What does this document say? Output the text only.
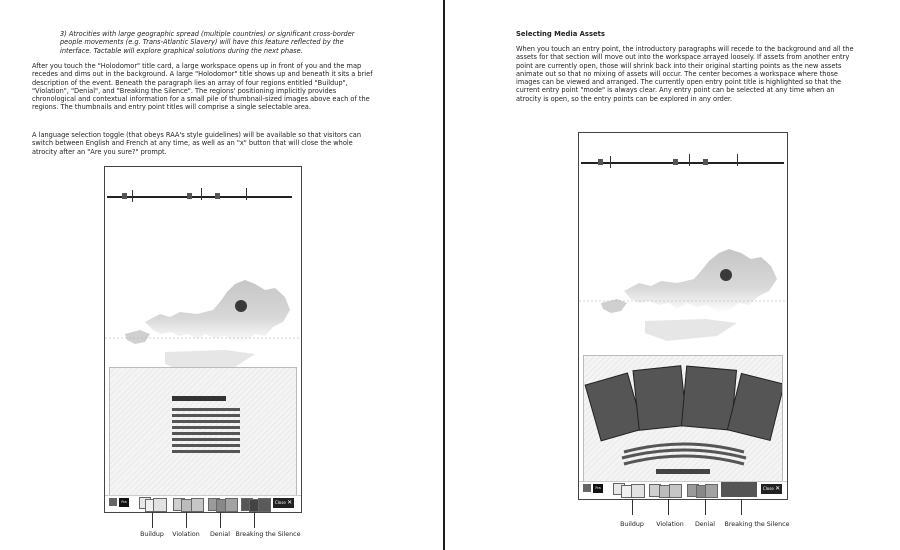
3) Atrocities with large geographic spread (multiple countries) or significant cross-border people movements (e.g. Trans-Atlantic Slavery) will have this feature reflected by the interface. Tactable will explore graphical solutions during the next phase.
After you touch the "Holodomor" title card, a large workspace opens up in front of you and the map recedes and dims out in the background. A large "Holodomor" title shows up and beneath it sits a brief description of the event. Beneath the paragraph lies an array of four regions entitled "Buildup", "Violation", "Denial", and "Breaking the Silence". The regions' positioning implicitly provides chronological and contextual information for a small pile of thumbnail-sized images above each of the regions. The thumbnails and entry point titles will comprise a single selectable area.
A language selection toggle (that obeys RAA's style guidelines) will be available so that visitors can switch between English and French at any time, as well as an "x" button that will close the whole atrocity after an "Are you sure?" prompt.
Fra	Close ✕
Buildup	Violation	Denial Breaking the Silence
Selecting Media Assets
When you touch an entry point, the introductory paragraphs will recede to the background and all the assets for that section will move out into the workspace arrayed loosely. If assets from another entry point are currently open, those will shrink back into their original starting points as the new assets animate out so that no mixing of assets will occur. The center becomes a workspace where those images can be viewed and arranged. The currently open entry point title is highlighted so that the current entry point "mode" is always clear. Any entry point can be selected at any time when an atrocity is open, so the entry points can be explored in any order.
Fra	Close ✕
Buildup	Violation	Denial	Breaking the Silence
